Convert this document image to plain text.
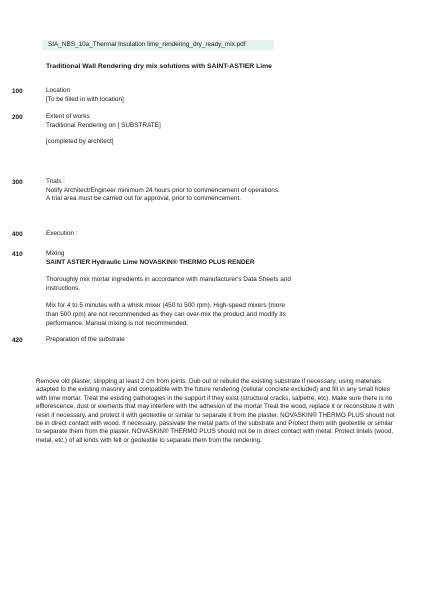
SIA_NBS_10a_Thermal Insulation lime_rendering_dry_ready_mix.pdf
Traditional Wall Rendering dry mix solutions with SAINT-ASTIER Lime
100	Location

[To be filled in with location]

200	Extent of works

Traditional Rendering on [ SUBSTRATE]

[completed by architect]

300	Trials :

Notify Architect/Engineer minimum 24 hours prior to commencement of operations.

A trial area must be carried out for approval, prior to commencement.

400	Execution :

410	Mixing

SAINT ASTIER Hydraulic Lime NOVASKIN® THERMO PLUS RENDER

Thoroughly mix mortar ingredients in accordance with manufacturer's Data Sheets and instructions.

Mix for 4 to 5 minutes with a whisk mixer (450 to 500 rpm). High-speed mixers (more than 500 rpm) are not recommended as they can over-mix the product and modify its performance. Manual mixing is not recommended.

420	Preparation of the substrate

Remove old plaster, stripping at least 2 cm from joints. Dub out or rebuild the existing substrate if necessary, using materials adapted to the existing masonry and compatible with the future rendering (cellular concrete excluded) and fill in any small holes with lime mortar. Treat the existing pathologies in the support if they exist (structural cracks, salpetre, etc). Make sure there is no efflorescence, dust or elements that may interfere with the adhesion of the mortar Treat the wood, replace it or reconstitute it with resin if necessary, and protect it with geotextile or similar to separate it from the plaster. NOVASKIN® THERMO PLUS should not be in direct contact with wood. If necessary, passivate the metal parts of the substrate and Protect them with geotextile or similar to separate them from the plaster. NOVASKIN® THERMO PLUS should not be in direct contact with metal. Protect lintels (wood, metal, etc.) of all kinds with felt or geotextile to separate them from the rendering.
